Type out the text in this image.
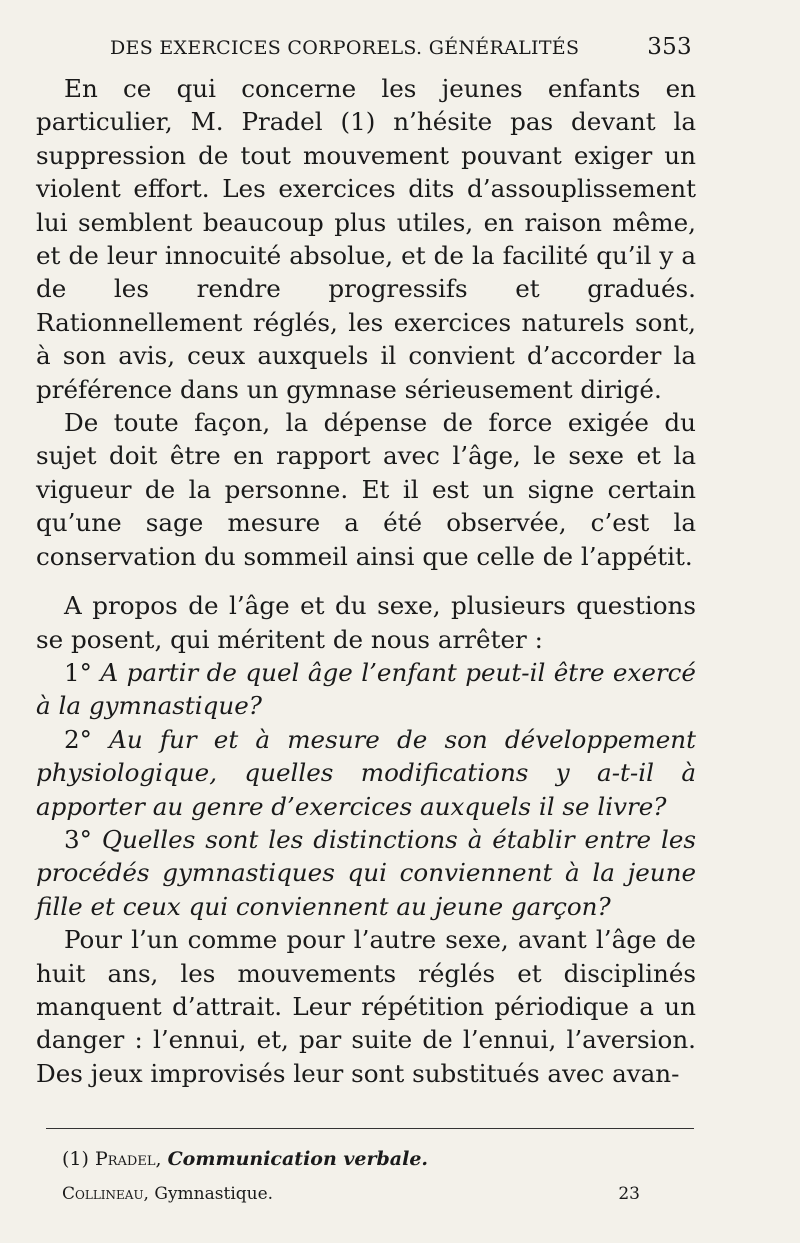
DES EXERCICES CORPORELS. GÉNÉRALITÉS	353

En ce qui concerne les jeunes enfants en particulier, M. Pradel (1) n’hésite pas devant la suppression de tout mouvement pouvant exiger un violent effort. Les exercices dits d’assouplissement lui semblent beaucoup plus utiles, en raison même, et de leur innocuité absolue, et de la facilité qu’il y a de les rendre progressifs et gradués. Rationnellement réglés, les exercices naturels sont, à son avis, ceux auxquels il convient d’accorder la préférence dans un gymnase sérieusement dirigé.

De toute façon, la dépense de force exigée du sujet doit être en rapport avec l’âge, le sexe et la vigueur de la personne. Et il est un signe certain qu’une sage mesure a été observée, c’est la conservation du sommeil ainsi que celle de l’appétit.

A propos de l’âge et du sexe, plusieurs questions se posent, qui méritent de nous arrêter :

1° A partir de quel âge l’enfant peut-il être exercé à la gymnastique?

2° Au fur et à mesure de son développement physiologique, quelles modifications y a-t-il à apporter au genre d’exercices auxquels il se livre?

3° Quelles sont les distinctions à établir entre les procédés gymnastiques qui conviennent à la jeune fille et ceux qui conviennent au jeune garçon?

Pour l’un comme pour l’autre sexe, avant l’âge de huit ans, les mouvements réglés et disciplinés manquent d’attrait. Leur répétition périodique a un danger : l’ennui, et, par suite de l’ennui, l’aversion. Des jeux improvisés leur sont substitués avec avan-

(1) Pradel, Communication verbale.
Collineau, Gymnastique.	23
